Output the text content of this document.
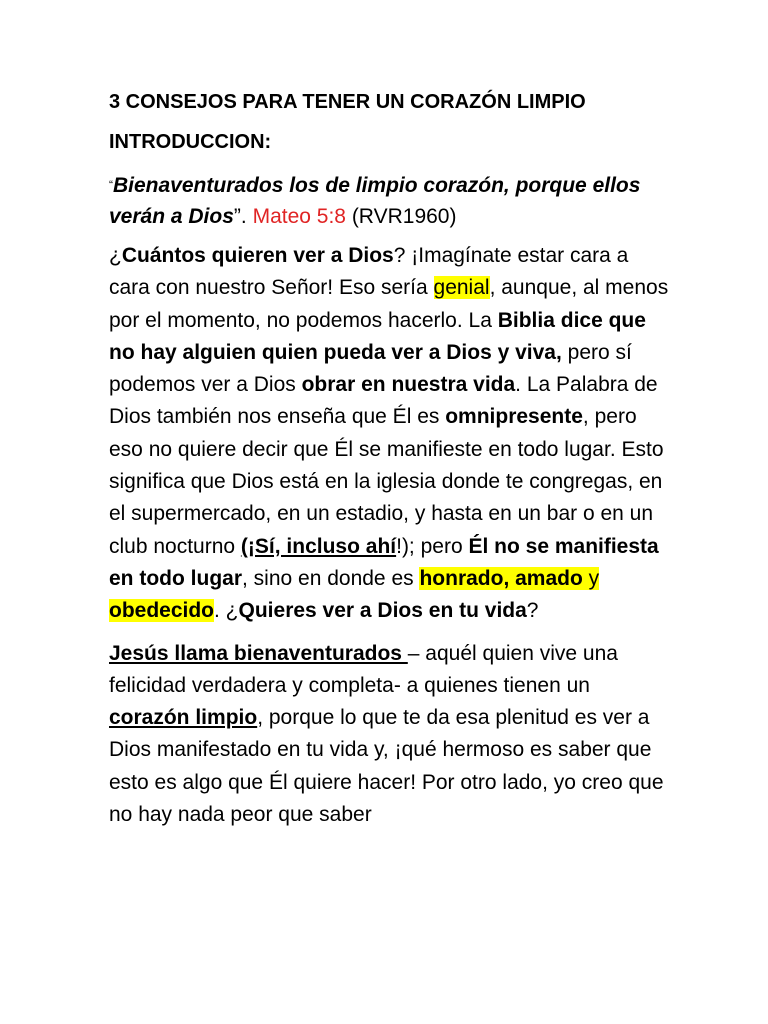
3 CONSEJOS PARA TENER UN CORAZÓN LIMPIO
INTRODUCCION:

“Bienaventurados los de limpio corazón, porque ellos verán a Dios”. Mateo 5:8 (RVR1960)

¿Cuántos quieren ver a Dios? ¡Imagínate estar cara a cara con nuestro Señor! Eso sería genial, aunque, al menos por el momento, no podemos hacerlo. La Biblia dice que no hay alguien quien pueda ver a Dios y viva, pero sí podemos ver a Dios obrar en nuestra vida. La Palabra de Dios también nos enseña que Él es omnipresente, pero eso no quiere decir que Él se manifieste en todo lugar. Esto significa que Dios está en la iglesia donde te congregas, en el supermercado, en un estadio, y hasta en un bar o en un club nocturno (¡Sí, incluso ahí!); pero Él no se manifiesta en todo lugar, sino en donde es honrado, amado y obedecido. ¿Quieres ver a Dios en tu vida?

Jesús llama bienaventurados – aquél quien vive una felicidad verdadera y completa- a quienes tienen un corazón limpio, porque lo que te da esa plenitud es ver a Dios manifestado en tu vida y, ¡qué hermoso es saber que esto es algo que Él quiere hacer! Por otro lado, yo creo que no hay nada peor que saber
